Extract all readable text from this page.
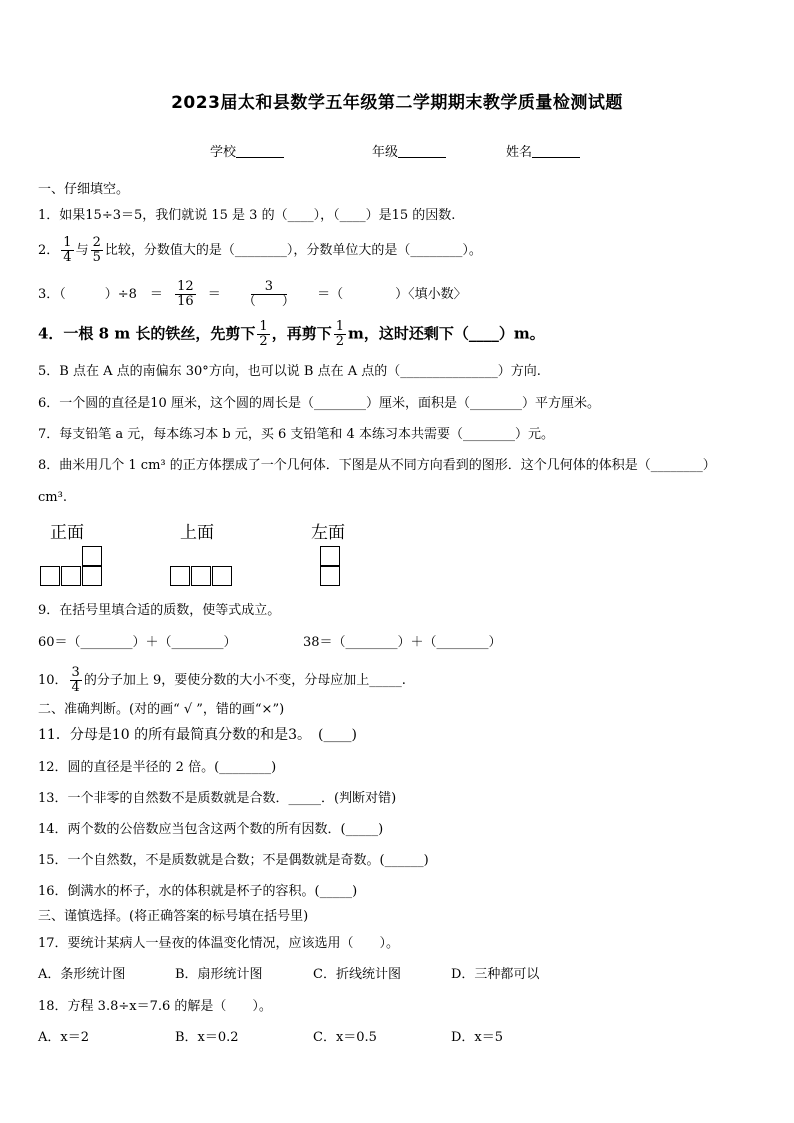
2023届太和县数学五年级第二学期期末教学质量检测试题
学校	年级	姓名
一、仔细填空。
1．如果15÷3＝5，我们就说 15 是 3 的（____），（____）是15 的因数.
2． $\frac{1}{4}$ 与 $\frac{2}{5}$ 比较，分数值大的是（________），分数单位大的是（________）。
3．（　　　）÷8　＝ $\frac{12}{16} = \frac{3}{( )}$ ＝（　　　　）〈填小数〉
4．一根 8 m 长的铁丝，先剪下 $\frac{1}{2}$ ，再剪下 $\frac{1}{2}$ m，这时还剩下（____）m。
5．B 点在 A 点的南偏东 30°方向，也可以说 B 点在 A 点的（_______________）方向.
6．一个圆的直径是10 厘米，这个圆的周长是（________）厘米，面积是（________）平方厘米。
7．每支铅笔 a 元，每本练习本 b 元，买 6 支铅笔和 4 本练习本共需要（________）元。
8．曲米用几个 1 cm³ 的正方体摆成了一个几何体．下图是从不同方向看到的图形．这个几何体的体积是（________）
cm³.
正面	上面	左面
9．在括号里填合适的质数，使等式成立。
60＝（________）＋（________）	38＝（________）＋（________）
10． $\frac{3}{4}$ 的分子加上 9，要使分数的大小不变，分母应加上_____.
二、准确判断。(对的画“ √ ”，错的画“×”)
11．分母是10 的所有最简真分数的和是3。　(____)
12．圆的直径是半径的 2 倍。(________)
13．一个非零的自然数不是质数就是合数．_____．(判断对错)
14．两个数的公倍数应当包含这两个数的所有因数．(_____)
15．一个自然数，不是质数就是合数；不是偶数就是奇数。(______)
16．倒满水的杯子，水的体积就是杯子的容积。(_____)
三、谨慎选择。(将正确答案的标号填在括号里)
17．要统计某病人一昼夜的体温变化情况，应该选用（　　）。
A．条形统计图	B．扇形统计图	C．折线统计图	D．三种都可以
18．方程 3.8÷x＝7.6 的解是（　　）。
A．x＝2	B．x＝0.2	C．x＝0.5	D．x＝5
